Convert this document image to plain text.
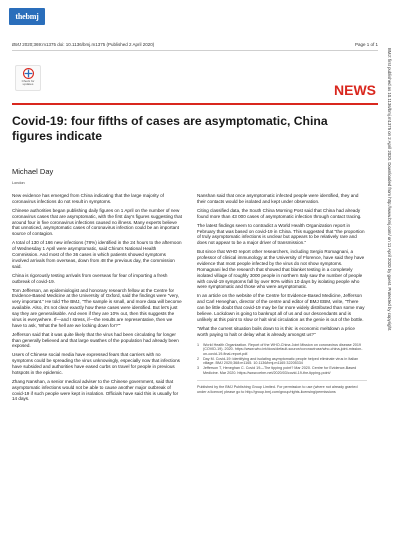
thebmj
BMJ 2020;369:m1375 doi: 10.1136/bmj.m1375 (Published 2 April 2020)	Page 1 of 1
Check for
updates	NEWS
Covid-19: four fifths of cases are asymptomatic, China figures indicate
Michael Day
London

New evidence has emerged from China indicating that the large majority of coronavirus infections do not result in symptoms.

Chinese authorities began publishing daily figures on 1 April on the number of new coronavirus cases that are asymptomatic, with the first day's figures suggesting that around four in five coronavirus infections caused no illness. Many experts believe that unnoticed, asymptomatic cases of coronavirus infection could be an important source of contagion.

A total of 130 of 166 new infections (78%) identified in the 24 hours to the afternoon of Wednesday 1 April were asymptomatic, said China's National Health Commission. And most of the 36 cases in which patients showed symptoms involved arrivals from overseas, down from 48 the previous day, the commission said.

China is rigorously testing arrivals from overseas for fear of importing a fresh outbreak of covid-19.

Tom Jefferson, an epidemiologist and honorary research fellow at the Centre for Evidence-Based Medicine at the University of Oxford, said the findings were "very, very important." He told The BMJ, "The sample is small, and more data will become available. Also, it's not clear exactly how these cases were identified. But let's just say they are generalisable. And even if they are 10% out, then this suggests the virus is everywhere. If—and I stress, if—the results are representative, then we have to ask, 'What the hell are we locking down for?'"

Jefferson said that it was quite likely that the virus had been circulating for longer than generally believed and that large swathes of the population had already been exposed.

Users of Chinese social media have expressed fears that carriers with no symptoms could be spreading the virus unknowingly, especially now that infections have subsided and authorities have eased curbs on travel for people in previous hotspots in the epidemic.

Zhang Nanshan, a senior medical adviser to the Chinese government, said that asymptomatic infections would not be able to cause another major outbreak of covid-19 if such people were kept in isolation. Officials have said this is usually for 14 days.

Nanshan said that once asymptomatic infected people were identified, they and their contacts would be isolated and kept under observation.

Citing classified data, the South China Morning Post said that China had already found more than 43 000 cases of asymptomatic infection through contact tracing.

The latest findings seem to contradict a World Health Organization report in February that was based on covid-19 in China. This suggested that "the proportion of truly asymptomatic infections is unclear but appears to be relatively rare and does not appear to be a major driver of transmission."

But since that WHO report other researchers, including Sergio Romagnani, a professor of clinical immunology at the University of Florence, have said they have evidence that most people infected by the virus do not show symptoms. Romagnani led the research that showed that blanket testing in a completely isolated village of roughly 3000 people in northern Italy saw the number of people with covid-19 symptoms fall by over 90% within 10 days by isolating people who were symptomatic and those who were asymptomatic.

In an article on the website of the Centre for Evidence-Based Medicine, Jefferson and Carl Heneghan, director of the centre and editor of BMJ EBM, write, "There can be little doubt that covid-19 may be far more widely distributed than some may believe. Lockdown is going to bankrupt all of us and our descendants and is unlikely at this point to slow or halt viral circulation as the genie is out of the bottle.

"What the current situation boils down to is this: is economic meltdown a price worth paying to halt or delay what is already amongst us?"

1	World Health Organization. Report of the WHO-China Joint Mission on coronavirus disease 2019 (COVID-19). 2020. https://www.who.int/docs/default-source/coronaviruse/who-china-joint-mission-on-covid-19-final-report.pdf.
2	Day M. Covid-19: identifying and isolating asymptomatic people helped eliminate virus in Italian village. BMJ 2020;368:m1165. 10.1136/bmj.m1165 32205334
3	Jefferson T, Heneghan C. Covid 19—The tipping point? Mar 2020. Centre for Evidence-Based Medicine. Mar 2020. https://www.cebm.net/2020/03/covid-19-the-tipping-point/
Published by the BMJ Publishing Group Limited. For permission to use (where not already granted under a licence) please go to http://group.bmj.com/group/rights-licensing/permissions
BMJ: first published as 10.1136/bmj.m1375 on 2 April 2020. Downloaded from http://www.bmj.com/ on 11 April 2020 by guest. Protected by copyright.
